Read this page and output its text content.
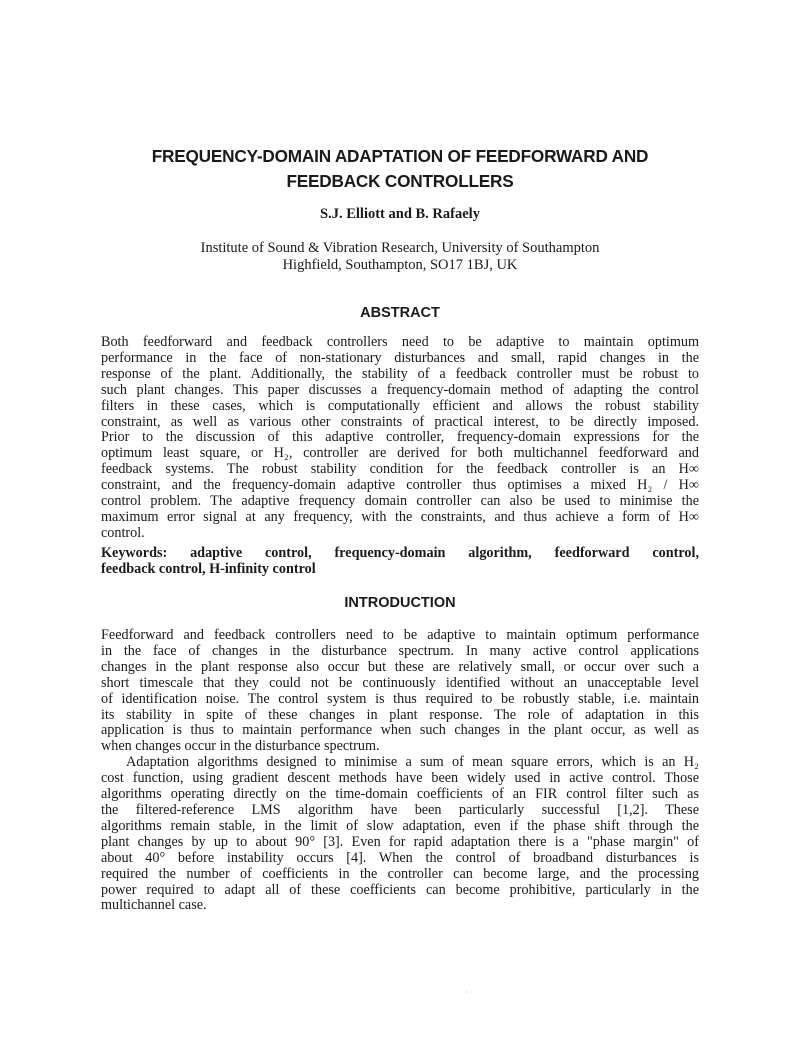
FREQUENCY-DOMAIN ADAPTATION OF FEEDFORWARD AND
FEEDBACK CONTROLLERS
S.J. Elliott and B. Rafaely
Institute of Sound & Vibration Research, University of Southampton
Highfield, Southampton, SO17 1BJ, UK
ABSTRACT
Both feedforward and feedback controllers need to be adaptive to maintain optimum
performance in the face of non-stationary disturbances and small, rapid changes in the
response of the plant. Additionally, the stability of a feedback controller must be robust to
such plant changes. This paper discusses a frequency-domain method of adapting the control
filters in these cases, which is computationally efficient and allows the robust stability
constraint, as well as various other constraints of practical interest, to be directly imposed.
Prior to the discussion of this adaptive controller, frequency-domain expressions for the
optimum least square, or H₂, controller are derived for both multichannel feedforward and
feedback systems. The robust stability condition for the feedback controller is an H∞
constraint, and the frequency-domain adaptive controller thus optimises a mixed H₂ / H∞
control problem. The adaptive frequency domain controller can also be used to minimise the
maximum error signal at any frequency, with the constraints, and thus achieve a form of H∞
control.
Keywords: adaptive control, frequency-domain algorithm, feedforward control,
feedback control, H-infinity control
INTRODUCTION
Feedforward and feedback controllers need to be adaptive to maintain optimum performance
in the face of changes in the disturbance spectrum. In many active control applications
changes in the plant response also occur but these are relatively small, or occur over such a
short timescale that they could not be continuously identified without an unacceptable level
of identification noise. The control system is thus required to be robustly stable, i.e. maintain
its stability in spite of these changes in plant response. The role of adaptation in this
application is thus to maintain performance when such changes in the plant occur, as well as
when changes occur in the disturbance spectrum.
Adaptation algorithms designed to minimise a sum of mean square errors, which is an H₂
cost function, using gradient descent methods have been widely used in active control. Those
algorithms operating directly on the time-domain coefficients of an FIR control filter such as
the filtered-reference LMS algorithm have been particularly successful [1,2]. These
algorithms remain stable, in the limit of slow adaptation, even if the phase shift through the
plant changes by up to about 90° [3]. Even for rapid adaptation there is a "phase margin" of
about 40° before instability occurs [4]. When the control of broadband disturbances is
required the number of coefficients in the controller can become large, and the processing
power required to adapt all of these coefficients can become prohibitive, particularly in the
multichannel case.
··
